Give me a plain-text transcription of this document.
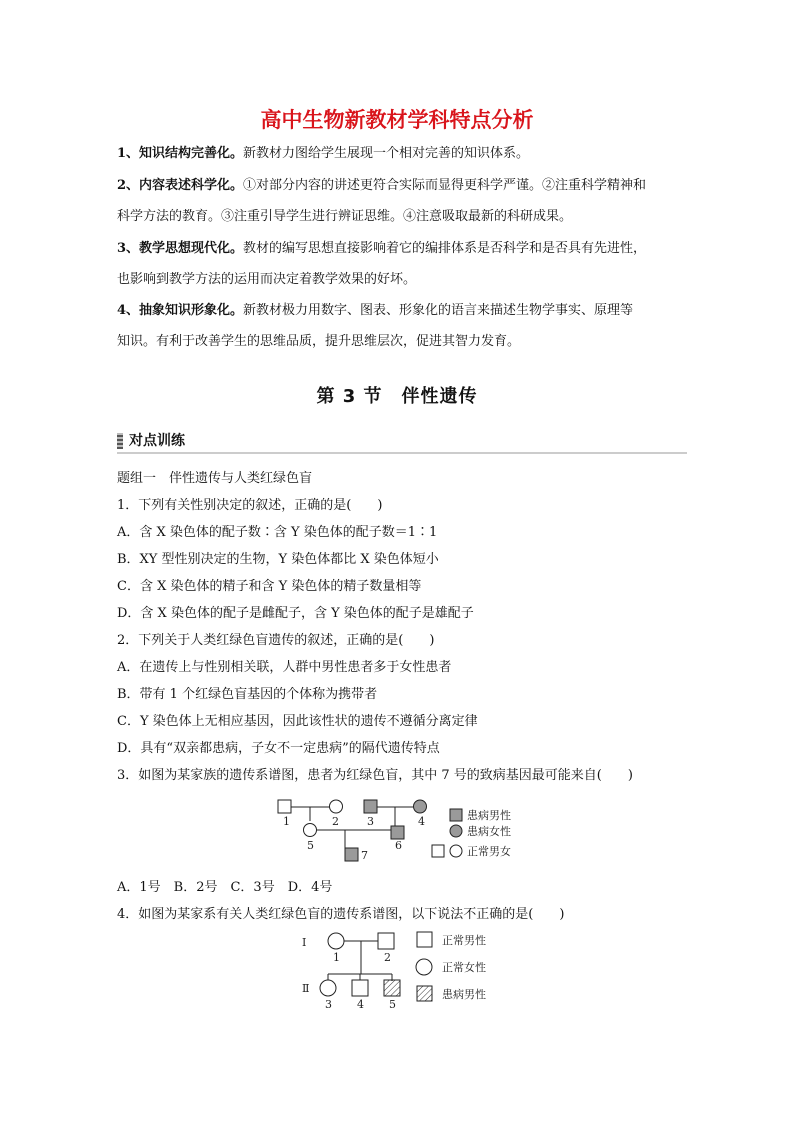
高中生物新教材学科特点分析
1、知识结构完善化。新教材力图给学生展现一个相对完善的知识体系。
2、内容表述科学化。①对部分内容的讲述更符合实际而显得更科学严谨。②注重科学精神和
科学方法的教育。③注重引导学生进行辨证思维。④注意吸取最新的科研成果。
3、教学思想现代化。教材的编写思想直接影响着它的编排体系是否科学和是否具有先进性，
也影响到教学方法的运用而决定着教学效果的好坏。
4、抽象知识形象化。新教材极力用数字、图表、形象化的语言来描述生物学事实、原理等
知识。有利于改善学生的思维品质，提升思维层次，促进其智力发育。
第 3 节　伴性遗传
对点训练
题组一　伴性遗传与人类红绿色盲
1．下列有关性别决定的叙述，正确的是(　　)
A．含 X 染色体的配子数∶含 Y 染色体的配子数＝1∶1
B．XY 型性别决定的生物，Y 染色体都比 X 染色体短小
C．含 X 染色体的精子和含 Y 染色体的精子数量相等
D．含 X 染色体的配子是雌配子，含 Y 染色体的配子是雄配子
2．下列关于人类红绿色盲遗传的叙述，正确的是(　　)
A．在遗传上与性别相关联，人群中男性患者多于女性患者
B．带有 1 个红绿色盲基因的个体称为携带者
C．Y 染色体上无相应基因，因此该性状的遗传不遵循分离定律
D．具有“双亲都患病，子女不一定患病”的隔代遗传特点
3．如图为某家族的遗传系谱图，患者为红绿色盲，其中 7 号的致病基因最可能来自(　　)
1	2	3	4
5	6
7
患病男性
患病女性
正常男女
A．1号　B．2号　C．3号　D．4号
4．如图为某家系有关人类红绿色盲的遗传系谱图，以下说法不正确的是(　　)
Ⅰ
Ⅱ
1	2
3 4 5
正常男性
正常女性
患病男性
